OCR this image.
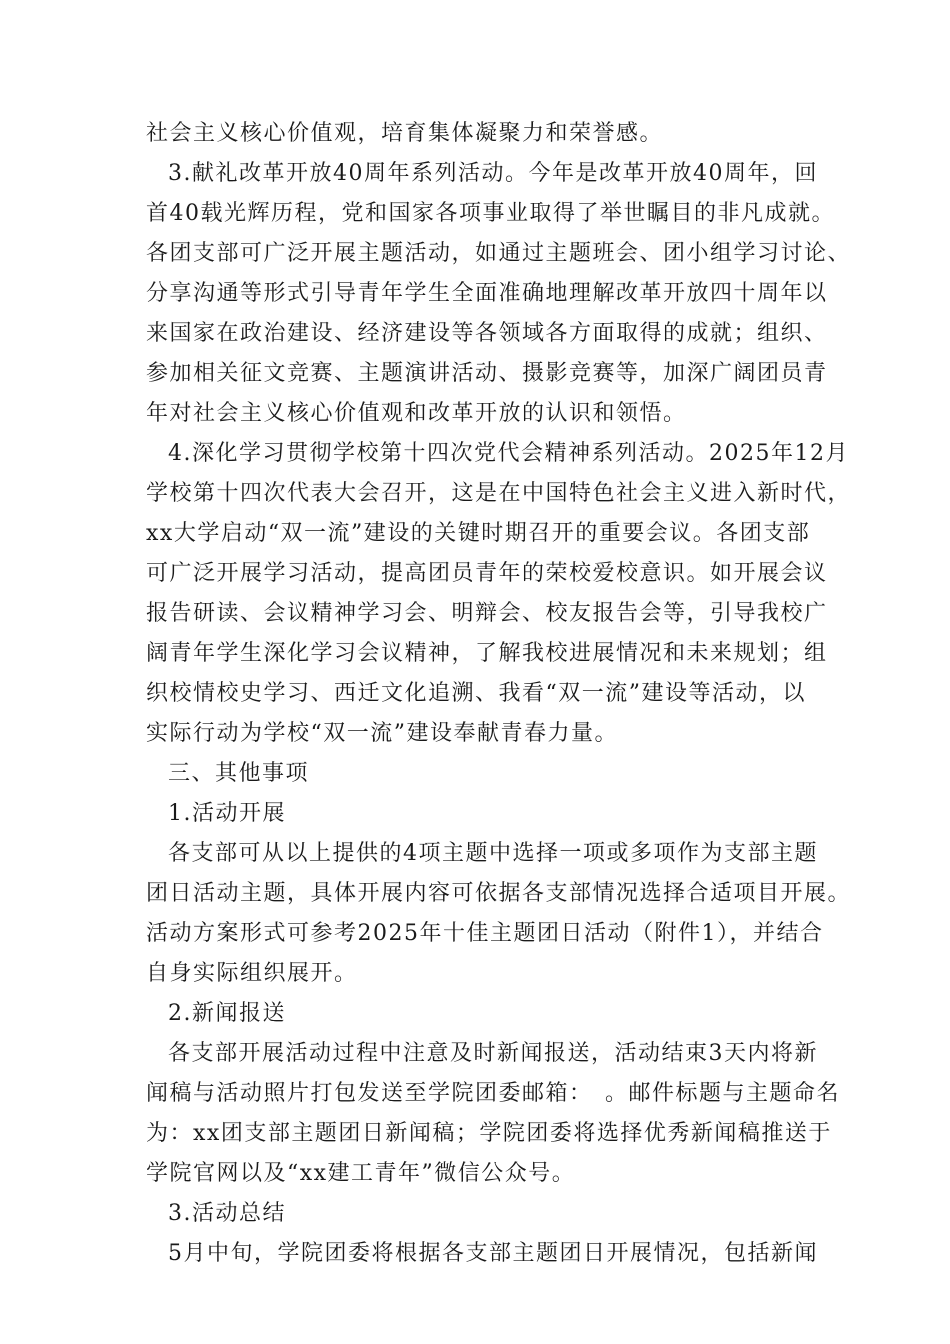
社会主义核心价值观，培育集体凝聚力和荣誉感。
3.献礼改革开放40周年系列活动。今年是改革开放40周年，回
首40载光辉历程，党和国家各项事业取得了举世瞩目的非凡成就。
各团支部可广泛开展主题活动，如通过主题班会、团小组学习讨论、
分享沟通等形式引导青年学生全面准确地理解改革开放四十周年以
来国家在政治建设、经济建设等各领域各方面取得的成就；组织、
参加相关征文竞赛、主题演讲活动、摄影竞赛等，加深广阔团员青
年对社会主义核心价值观和改革开放的认识和领悟。
4.深化学习贯彻学校第十四次党代会精神系列活动。2025年12月
学校第十四次代表大会召开，这是在中国特色社会主义进入新时代，
xx大学启动“双一流”建设的关键时期召开的重要会议。各团支部
可广泛开展学习活动，提高团员青年的荣校爱校意识。如开展会议
报告研读、会议精神学习会、明辩会、校友报告会等，引导我校广
阔青年学生深化学习会议精神，了解我校进展情况和未来规划；组
织校情校史学习、西迁文化追溯、我看“双一流”建设等活动，以
实际行动为学校“双一流”建设奉献青春力量。
三、其他事项
1.活动开展
各支部可从以上提供的4项主题中选择一项或多项作为支部主题
团日活动主题，具体开展内容可依据各支部情况选择合适项目开展。
活动方案形式可参考2025年十佳主题团日活动（附件1），并结合
自身实际组织展开。
2.新闻报送
各支部开展活动过程中注意及时新闻报送，活动结束3天内将新
闻稿与活动照片打包发送至学院团委邮箱：　。邮件标题与主题命名
为：xx团支部主题团日新闻稿；学院团委将选择优秀新闻稿推送于
学院官网以及“xx建工青年”微信公众号。
3.活动总结
5月中旬，学院团委将根据各支部主题团日开展情况，包括新闻
